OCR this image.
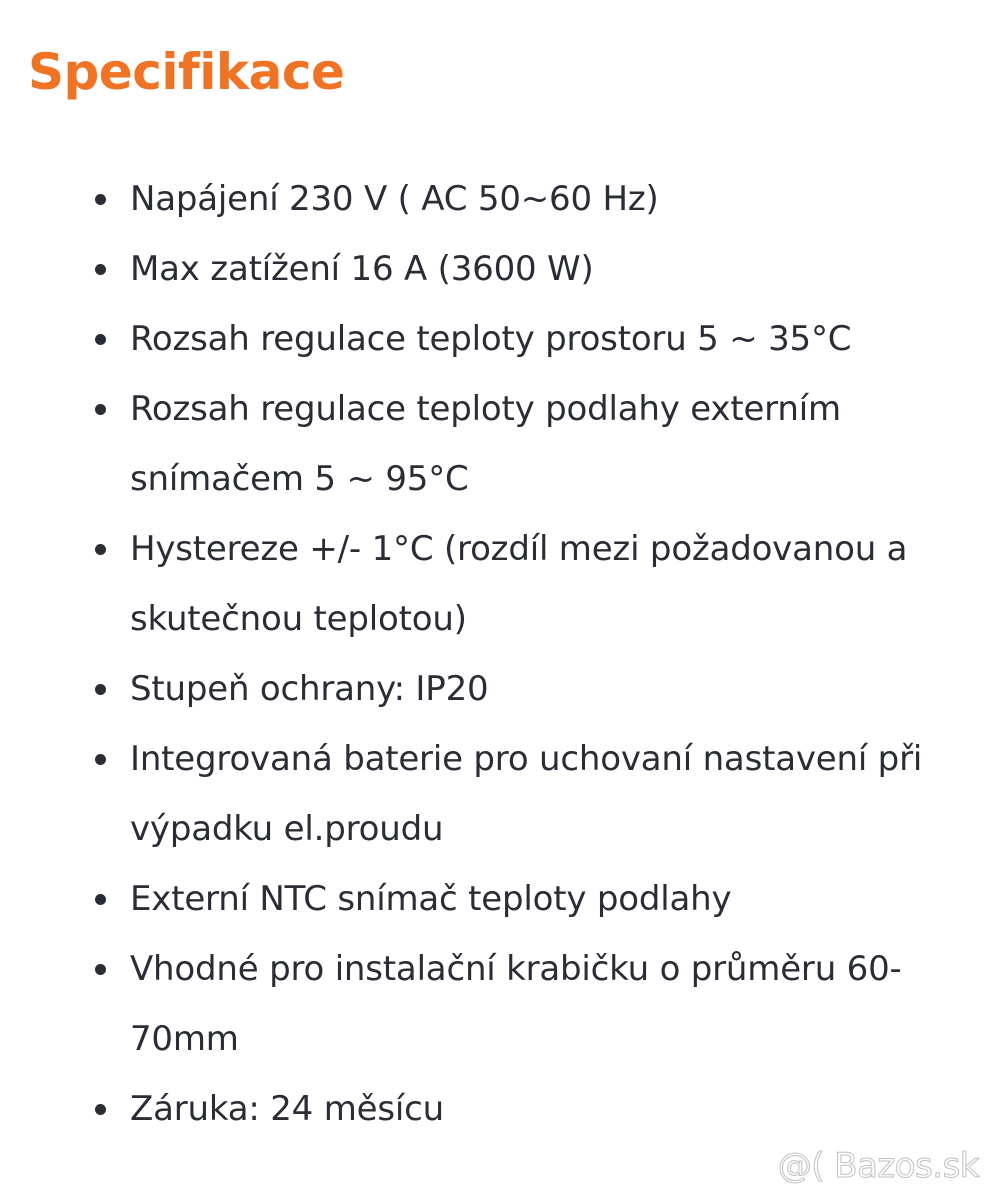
Specifikace
Napájení 230 V ( AC 50~60 Hz)
Max zatížení 16 A (3600 W)
Rozsah regulace teploty prostoru 5 ~ 35°C
Rozsah regulace teploty podlahy externím snímačem 5 ~ 95°C
Hystereze +/- 1°C (rozdíl mezi požadovanou a skutečnou teplotou)
Stupeň ochrany: IP20
Integrovaná baterie pro uchovaní nastavení při výpadku el.proudu
Externí NTC snímač teploty podlahy
Vhodné pro instalační krabičku o průměru 60-70mm
Záruka: 24 měsícu
@( Bazos.sk
